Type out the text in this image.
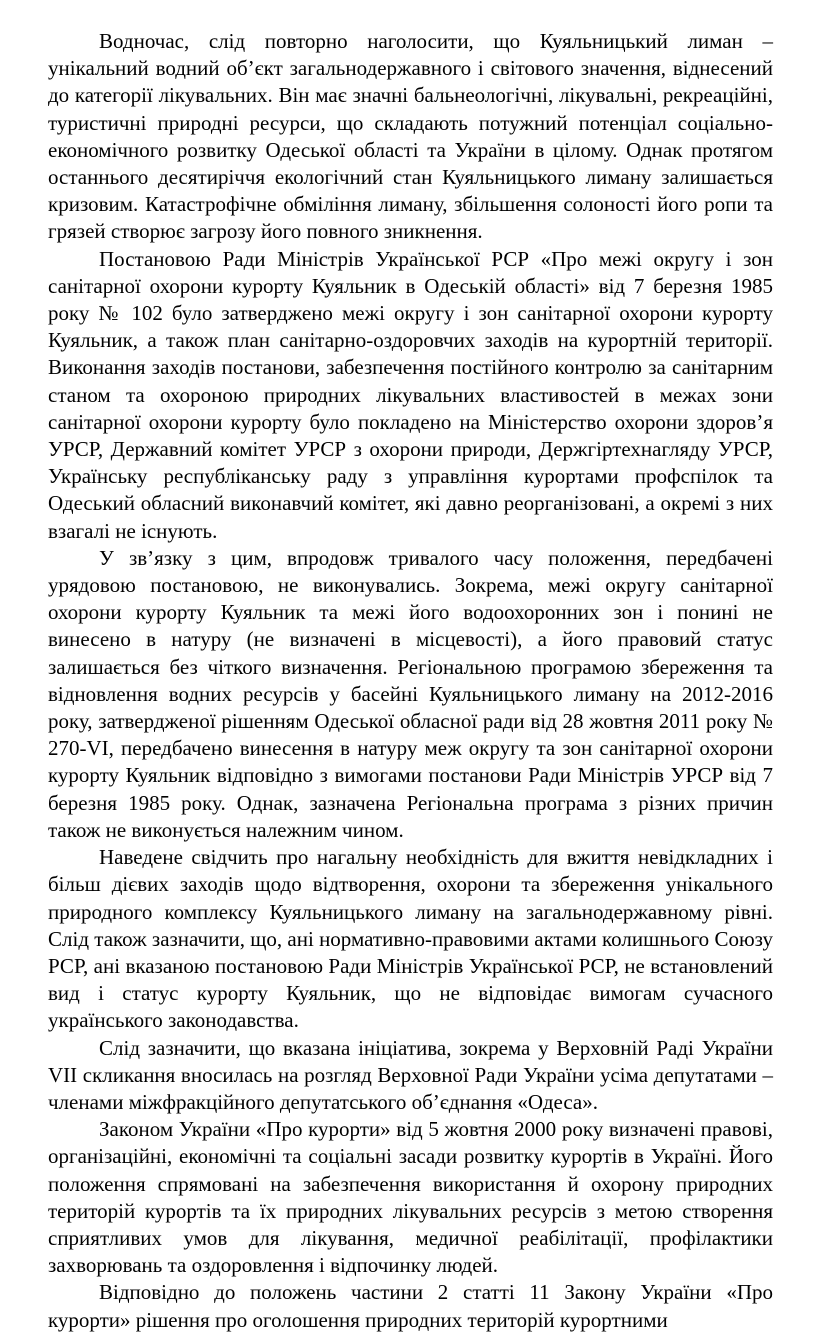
Водночас, слід повторно наголосити, що Куяльницький лиман – унікальний водний об’єкт загальнодержавного і світового значення, віднесений до категорії лікувальних. Він має значні бальнеологічні, лікувальні, рекреаційні, туристичні природні ресурси, що складають потужний потенціал соціально-економічного розвитку Одеської області та України в цілому. Однак протягом останнього десятиріччя екологічний стан Куяльницького лиману залишається кризовим. Катастрофічне обміління лиману, збільшення солоності його ропи та грязей створює загрозу його повного зникнення.

Постановою Ради Міністрів Української РСР «Про межі округу і зон санітарної охорони курорту Куяльник в Одеській області» від 7 березня 1985 року № 102 було затверджено межі округу і зон санітарної охорони курорту Куяльник, а також план санітарно-оздоровчих заходів на курортній території. Виконання заходів постанови, забезпечення постійного контролю за санітарним станом та охороною природних лікувальних властивостей в межах зони санітарної охорони курорту було покладено на Міністерство охорони здоров’я УРСР, Державний комітет УРСР з охорони природи, Держгіртехнагляду УРСР, Українську республіканську раду з управління курортами профспілок та Одеський обласний виконавчий комітет, які давно реорганізовані, а окремі з них взагалі не існують.

У зв’язку з цим, впродовж тривалого часу положення, передбачені урядовою постановою, не виконувались. Зокрема, межі округу санітарної охорони курорту Куяльник та межі його водоохоронних зон і понині не винесено в натуру (не визначені в місцевості), а його правовий статус залишається без чіткого визначення. Регіональною програмою збереження та відновлення водних ресурсів у басейні Куяльницького лиману на 2012-2016 року, затвердженої рішенням Одеської обласної ради від 28 жовтня 2011 року № 270-VI, передбачено винесення в натуру меж округу та зон санітарної охорони курорту Куяльник відповідно з вимогами постанови Ради Міністрів УРСР від 7 березня 1985 року. Однак, зазначена Регіональна програма з різних причин також не виконується належним чином.

Наведене свідчить про нагальну необхідність для вжиття невідкладних і більш дієвих заходів щодо відтворення, охорони та збереження унікального природного комплексу Куяльницького лиману на загальнодержавному рівні. Слід також зазначити, що, ані нормативно-правовими актами колишнього Союзу РСР, ані вказаною постановою Ради Міністрів Української РСР, не встановлений вид і статус курорту Куяльник, що не відповідає вимогам сучасного українського законодавства.

Слід зазначити, що вказана ініціатива, зокрема у Верховній Раді України VII скликання вносилась на розгляд Верховної Ради України усіма депутатами – членами міжфракційного депутатського об’єднання «Одеса».

Законом України «Про курорти» від 5 жовтня 2000 року визначені правові, організаційні, економічні та соціальні засади розвитку курортів в Україні. Його положення спрямовані на забезпечення використання й охорону природних територій курортів та їх природних лікувальних ресурсів з метою створення сприятливих умов для лікування, медичної реабілітації, профілактики захворювань та оздоровлення і відпочинку людей.

Відповідно до положень частини 2 статті 11 Закону України «Про курорти» рішення про оголошення природних територій курортними
